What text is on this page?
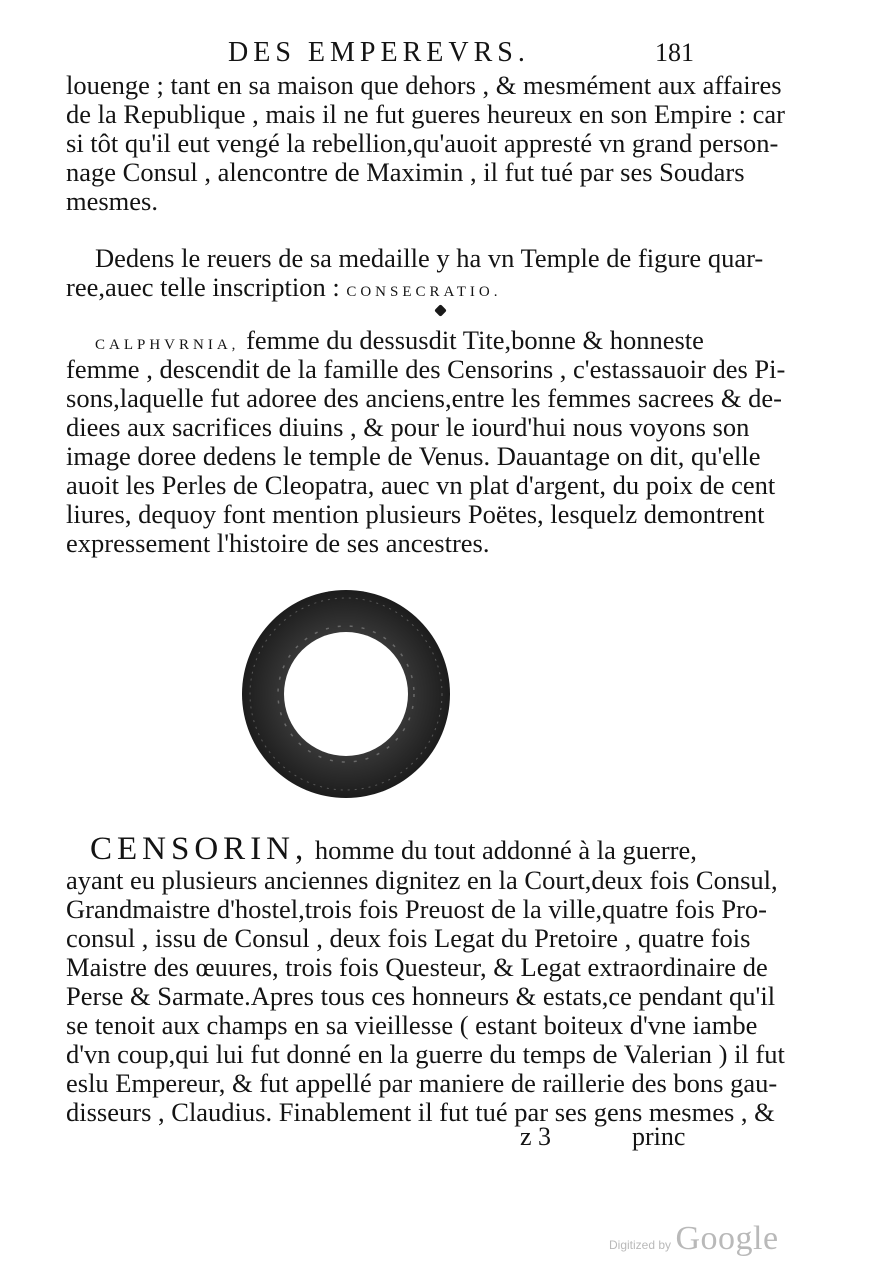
DES EMPEREVRS.	181
louenge ; tant en sa maison que dehors , & mesmément aux affaires
de la Republique , mais il ne fut gueres heureux en son Empire : car
si tôt qu'il eut vengé la rebellion,qu'auoit appresté vn grand person-
nage Consul , alencontre de Maximin , il fut tué par ses Soudars
mesmes.
Dedens le reuers de sa medaille y ha vn Temple de figure quar-
ree,auec telle inscription : CONSECRATIO.
CALPHVRNIA, femme du dessusdit Tite,bonne & honneste
femme , descendit de la famille des Censorins , c'estassauoir des Pi-
sons,laquelle fut adoree des anciens,entre les femmes sacrees & de-
diees aux sacrifices diuins , & pour le iourd'hui nous voyons son
image doree dedens le temple de Venus. Dauantage on dit, qu'elle
auoit les Perles de Cleopatra, auec vn plat d'argent, du poix de cent
liures, dequoy font mention plusieurs Poëtes, lesquelz demontrent
expressement l'histoire de ses ancestres.
CENSORIN, homme du tout addonné à la guerre,
ayant eu plusieurs anciennes dignitez en la Court,deux fois Consul,
Grandmaistre d'hostel,trois fois Preuost de la ville,quatre fois Pro-
consul , issu de Consul , deux fois Legat du Pretoire , quatre fois
Maistre des œuures, trois fois Questeur, & Legat extraordinaire de
Perse & Sarmate.Apres tous ces honneurs & estats,ce pendant qu'il
se tenoit aux champs en sa vieillesse ( estant boiteux d'vne iambe
d'vn coup,qui lui fut donné en la guerre du temps de Valerian ) il fut
eslu Empereur, & fut appellé par maniere de raillerie des bons gau-
disseurs , Claudius. Finablement il fut tué par ses gens mesmes , &
z 3	princ
Digitized by Google
